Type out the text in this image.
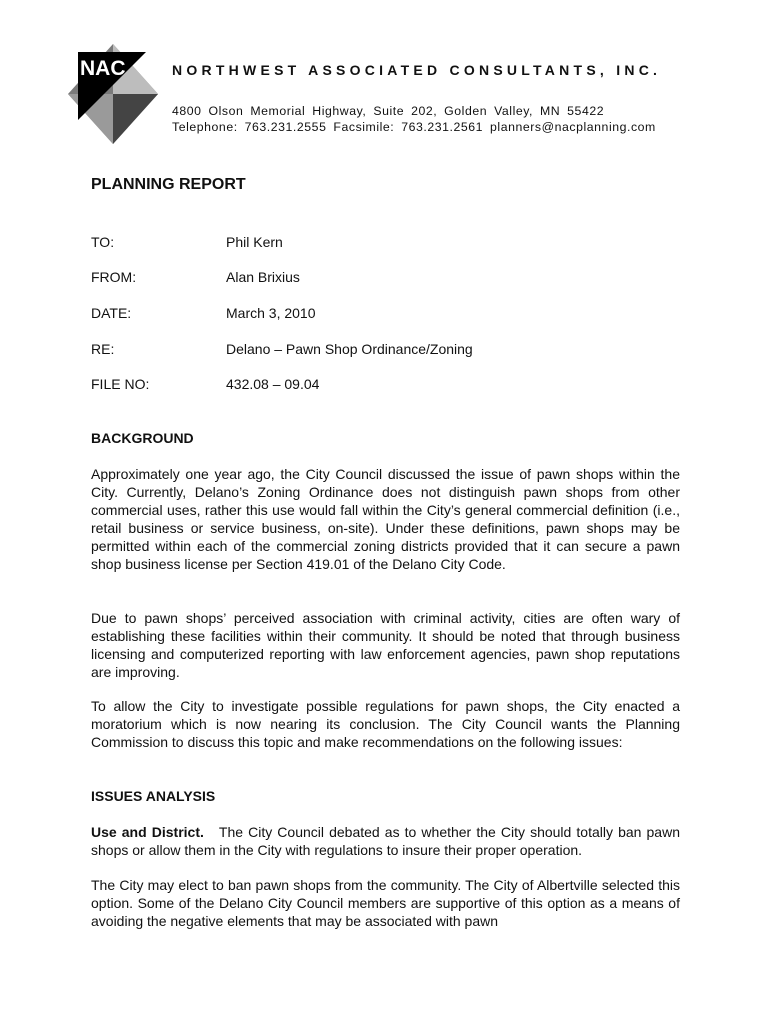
NAC	NORTHWEST ASSOCIATED CONSULTANTS, INC.
4800 Olson Memorial Highway, Suite 202, Golden Valley, MN 55422
Telephone: 763.231.2555 Facsimile: 763.231.2561 planners@nacplanning.com
PLANNING REPORT
TO:	Phil Kern
FROM:	Alan Brixius
DATE:	March 3, 2010
RE:	Delano – Pawn Shop Ordinance/Zoning
FILE NO:	432.08 – 09.04
BACKGROUND
Approximately one year ago, the City Council discussed the issue of pawn shops within the City. Currently, Delano’s Zoning Ordinance does not distinguish pawn shops from other commercial uses, rather this use would fall within the City’s general commercial definition (i.e., retail business or service business, on-site). Under these definitions, pawn shops may be permitted within each of the commercial zoning districts provided that it can secure a pawn shop business license per Section 419.01 of the Delano City Code.
Due to pawn shops’ perceived association with criminal activity, cities are often wary of establishing these facilities within their community. It should be noted that through business licensing and computerized reporting with law enforcement agencies, pawn shop reputations are improving.
To allow the City to investigate possible regulations for pawn shops, the City enacted a moratorium which is now nearing its conclusion. The City Council wants the Planning Commission to discuss this topic and make recommendations on the following issues:
ISSUES ANALYSIS
Use and District. The City Council debated as to whether the City should totally ban pawn shops or allow them in the City with regulations to insure their proper operation.
The City may elect to ban pawn shops from the community. The City of Albertville selected this option. Some of the Delano City Council members are supportive of this option as a means of avoiding the negative elements that may be associated with pawn
